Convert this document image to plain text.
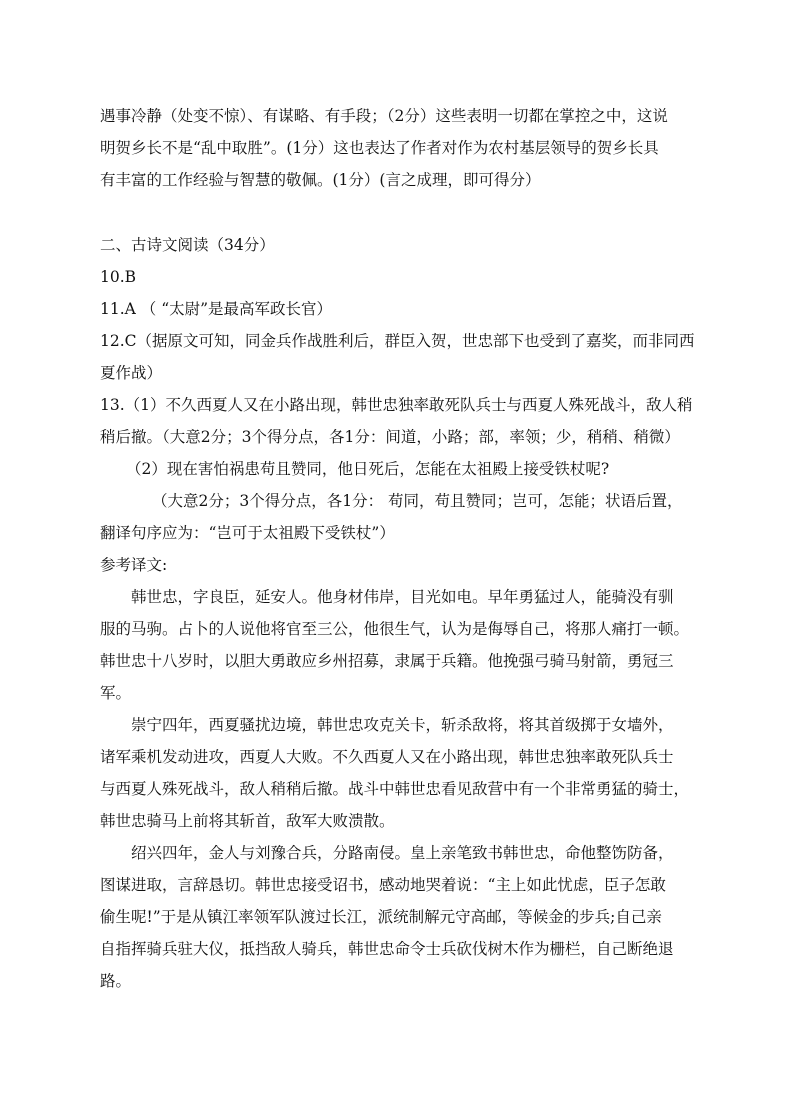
遇事冷静（处变不惊）、有谋略、有手段；（2分）这些表明一切都在掌控之中，这说
明贺乡长不是“乱中取胜”。(1分）这也表达了作者对作为农村基层领导的贺乡长具
有丰富的工作经验与智慧的敬佩。(1分）(言之成理，即可得分）
二、古诗文阅读（34分）
10.B
11.A （ “太尉”是最高军政长官）
12.C（据原文可知，同金兵作战胜利后，群臣入贺，世忠部下也受到了嘉奖，而非同西
夏作战）
13.（1）不久西夏人又在小路出现，韩世忠独率敢死队兵士与西夏人殊死战斗，敌人稍
稍后撤。（大意2分；3个得分点，各1分：间道，小路；部，率领；少，稍稍、稍微）
（2）现在害怕祸患苟且赞同，他日死后，怎能在太祖殿上接受铁杖呢?
（大意2分；3个得分点，各1分： 苟同，苟且赞同；岂可，怎能；状语后置，
翻译句序应为：“岂可于太祖殿下受铁杖”）
参考译文:
韩世忠，字良臣，延安人。他身材伟岸，目光如电。早年勇猛过人，能骑没有驯
服的马驹。占卜的人说他将官至三公，他很生气，认为是侮辱自己，将那人痛打一顿。
韩世忠十八岁时，以胆大勇敢应乡州招募，隶属于兵籍。他挽强弓骑马射箭，勇冠三
军。
崇宁四年，西夏骚扰边境，韩世忠攻克关卡，斩杀敌将，将其首级掷于女墙外，
诸军乘机发动进攻，西夏人大败。不久西夏人又在小路出现，韩世忠独率敢死队兵士
与西夏人殊死战斗，敌人稍稍后撤。战斗中韩世忠看见敌营中有一个非常勇猛的骑士，
韩世忠骑马上前将其斩首，敌军大败溃散。
绍兴四年，金人与刘豫合兵，分路南侵。皇上亲笔致书韩世忠，命他整饬防备，
图谋进取，言辞恳切。韩世忠接受诏书，感动地哭着说：“主上如此忧虑，臣子怎敢
偷生呢!”于是从镇江率领军队渡过长江，派统制解元守高邮，等候金的步兵;自己亲
自指挥骑兵驻大仪，抵挡敌人骑兵，韩世忠命令士兵砍伐树木作为栅栏，自己断绝退
路。
